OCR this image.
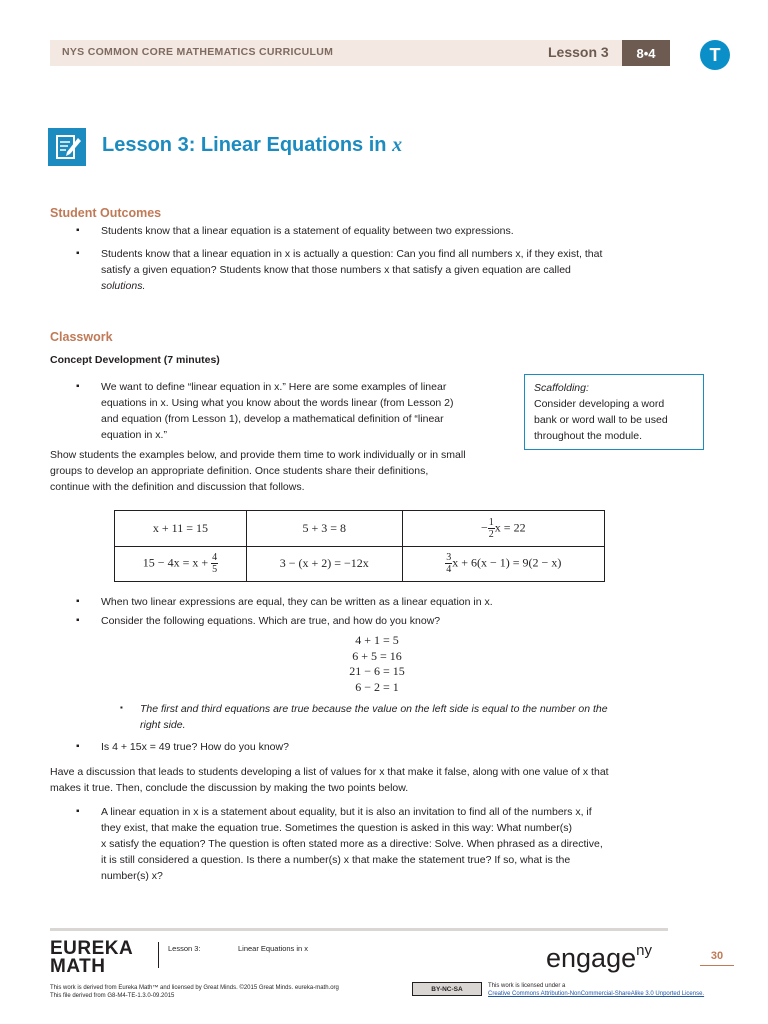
NYS COMMON CORE MATHEMATICS CURRICULUM	Lesson 3	8•4	T
Lesson 3: Linear Equations in x
Student Outcomes
▪ Students know that a linear equation is a statement of equality between two expressions.
▪ Students know that a linear equation in x is actually a question: Can you find all numbers x, if they exist, that
satisfy a given equation? Students know that those numbers x that satisfy a given equation are called
solutions.
Classwork
Concept Development (7 minutes)
▪ We want to define “linear equation in x.” Here are some examples of linear
equations in x. Using what you know about the words linear (from Lesson 2)
and equation (from Lesson 1), develop a mathematical definition of “linear
equation in x.”
Scaffolding:
Consider developing a word
bank or word wall to be used
throughout the module.
Show students the examples below, and provide them time to work individually or in small
groups to develop an appropriate definition. Once students share their definitions,
continue with the definition and discussion that follows.
x + 11 = 15	5 + 3 = 8	− $\frac{1}{2}$ x = 22
$15 - 4x = x + \frac{4}{5}$	3 − (x + 2) = −12x	$\frac{3}{4}$ x + 6(x − 1) = 9(2 − x)
▪ When two linear expressions are equal, they can be written as a linear equation in x.
▪ Consider the following equations. Which are true, and how do you know?
4 + 1 = 5
6 + 5 = 16
21 − 6 = 15
6 − 2 = 1
▪ The first and third equations are true because the value on the left side is equal to the number on the
right side.
▪ Is 4 + 15x = 49 true? How do you know?
Have a discussion that leads to students developing a list of values for x that make it false, along with one value of x that
makes it true. Then, conclude the discussion by making the two points below.
▪ A linear equation in x is a statement about equality, but it is also an invitation to find all of the numbers x, if
they exist, that make the equation true. Sometimes the question is asked in this way: What number(s)
x satisfy the equation? The question is often stated more as a directive: Solve. When phrased as a directive,
it is still considered a question. Is there a number(s) x that make the statement true? If so, what is the
number(s) x?
EUREKA
MATH
Lesson 3:	Linear Equations in x	engage$^{ny}$	30
This work is derived from Eureka Math™ and licensed by Great Minds. ©2015 Great Minds. eureka-math.org
This file derived from G8-M4-TE-1.3.0-09.2015
BY-NC-SA	This work is licensed under a
Creative Commons Attribution-NonCommercial-ShareAlike 3.0 Unported License.
